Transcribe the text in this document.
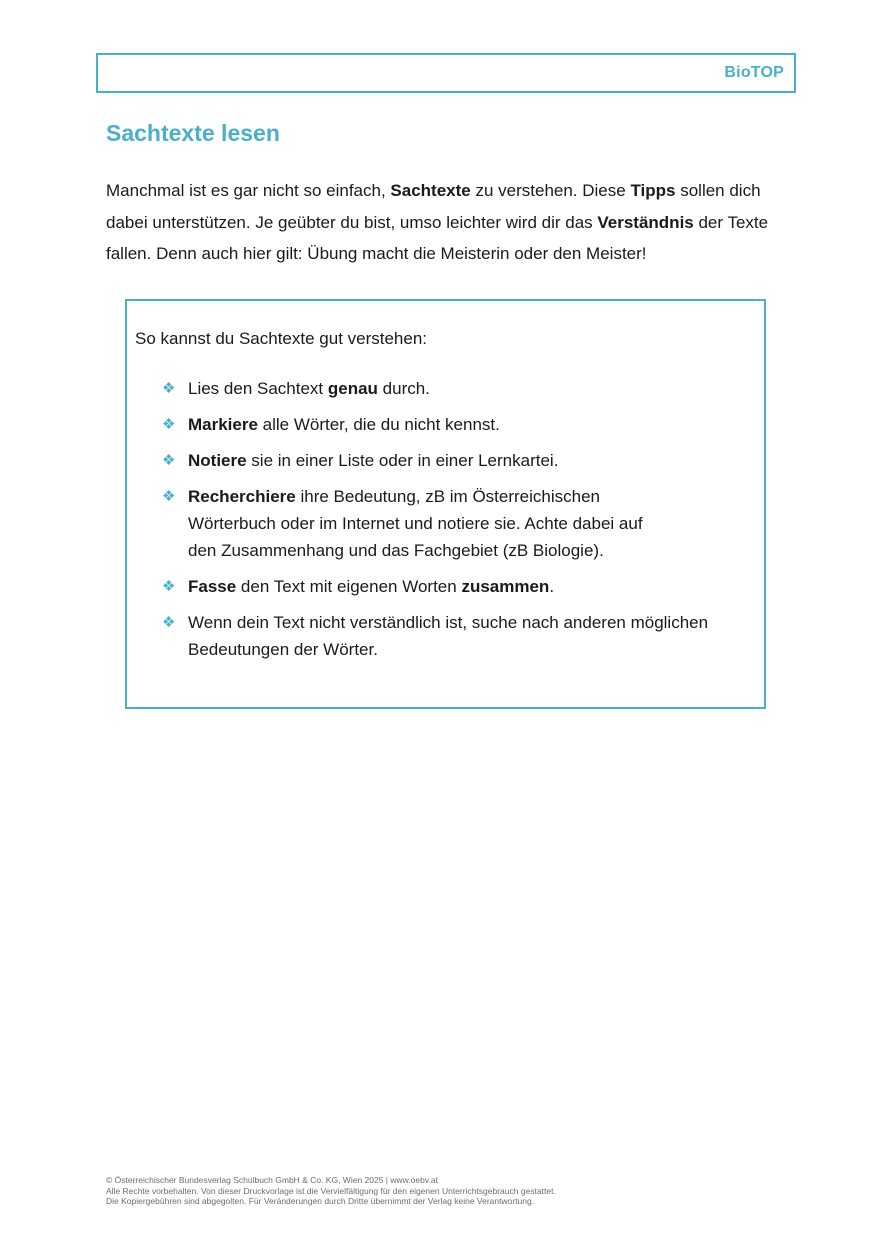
BioTOP
Sachtexte lesen

Manchmal ist es gar nicht so einfach, Sachtexte zu verstehen. Diese Tipps sollen dich dabei unterstützen. Je geübter du bist, umso leichter wird dir das Verständnis der Texte fallen. Denn auch hier gilt: Übung macht die Meisterin oder den Meister!

So kannst du Sachtexte gut verstehen:

❖ Lies den Sachtext genau durch.
❖ Markiere alle Wörter, die du nicht kennst.
❖ Notiere sie in einer Liste oder in einer Lernkartei.
❖ Recherchiere ihre Bedeutung, zB im Österreichischen
Wörterbuch oder im Internet und notiere sie. Achte dabei auf
den Zusammenhang und das Fachgebiet (zB Biologie).
❖ Fasse den Text mit eigenen Worten zusammen.
❖ Wenn dein Text nicht verständlich ist, suche nach anderen möglichen
Bedeutungen der Wörter.
© Österreichischer Bundesverlag Schulbuch GmbH & Co. KG, Wien 2025 | www.oebv.at
Alle Rechte vorbehalten. Von dieser Druckvorlage ist die Vervielfältigung für den eigenen Unterrichtsgebrauch gestattet.
Die Kopiergebühren sind abgegolten. Für Veränderungen durch Dritte übernimmt der Verlag keine Verantwortung.
